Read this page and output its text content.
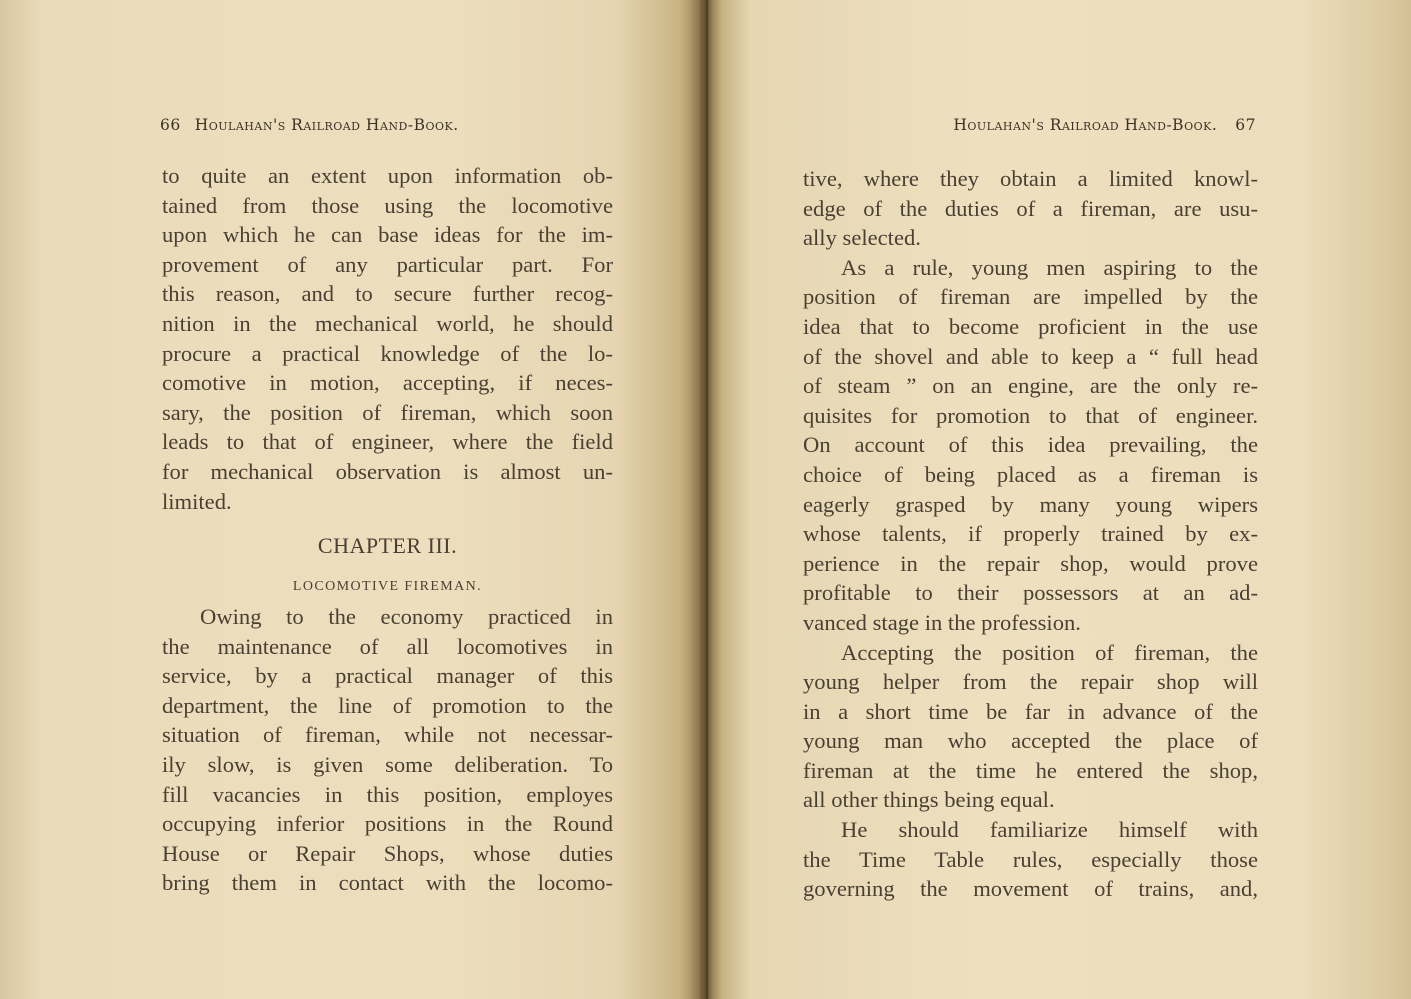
66 Houlahan's Railroad Hand-Book.
to quite an extent upon information ob-
tained from those using the locomotive
upon which he can base ideas for the im-
provement of any particular part. For
this reason, and to secure further recog-
nition in the mechanical world, he should
procure a practical knowledge of the lo-
comotive in motion, accepting, if neces-
sary, the position of fireman, which soon
leads to that of engineer, where the field
for mechanical observation is almost un-
limited.
CHAPTER III.
LOCOMOTIVE FIREMAN.
Owing to the economy practiced in
the maintenance of all locomotives in
service, by a practical manager of this
department, the line of promotion to the
situation of fireman, while not necessar-
ily slow, is given some deliberation. To
fill vacancies in this position, employes
occupying inferior positions in the Round
House or Repair Shops, whose duties
bring them in contact with the locomo-
Houlahan's Railroad Hand-Book. 67
tive, where they obtain a limited knowl-
edge of the duties of a fireman, are usu-
ally selected.
As a rule, young men aspiring to the
position of fireman are impelled by the
idea that to become proficient in the use
of the shovel and able to keep a “ full head
of steam ” on an engine, are the only re-
quisites for promotion to that of engineer.
On account of this idea prevailing, the
choice of being placed as a fireman is
eagerly grasped by many young wipers
whose talents, if properly trained by ex-
perience in the repair shop, would prove
profitable to their possessors at an ad-
vanced stage in the profession.
Accepting the position of fireman, the
young helper from the repair shop will
in a short time be far in advance of the
young man who accepted the place of
fireman at the time he entered the shop,
all other things being equal.
He should familiarize himself with
the Time Table rules, especially those
governing the movement of trains, and,
